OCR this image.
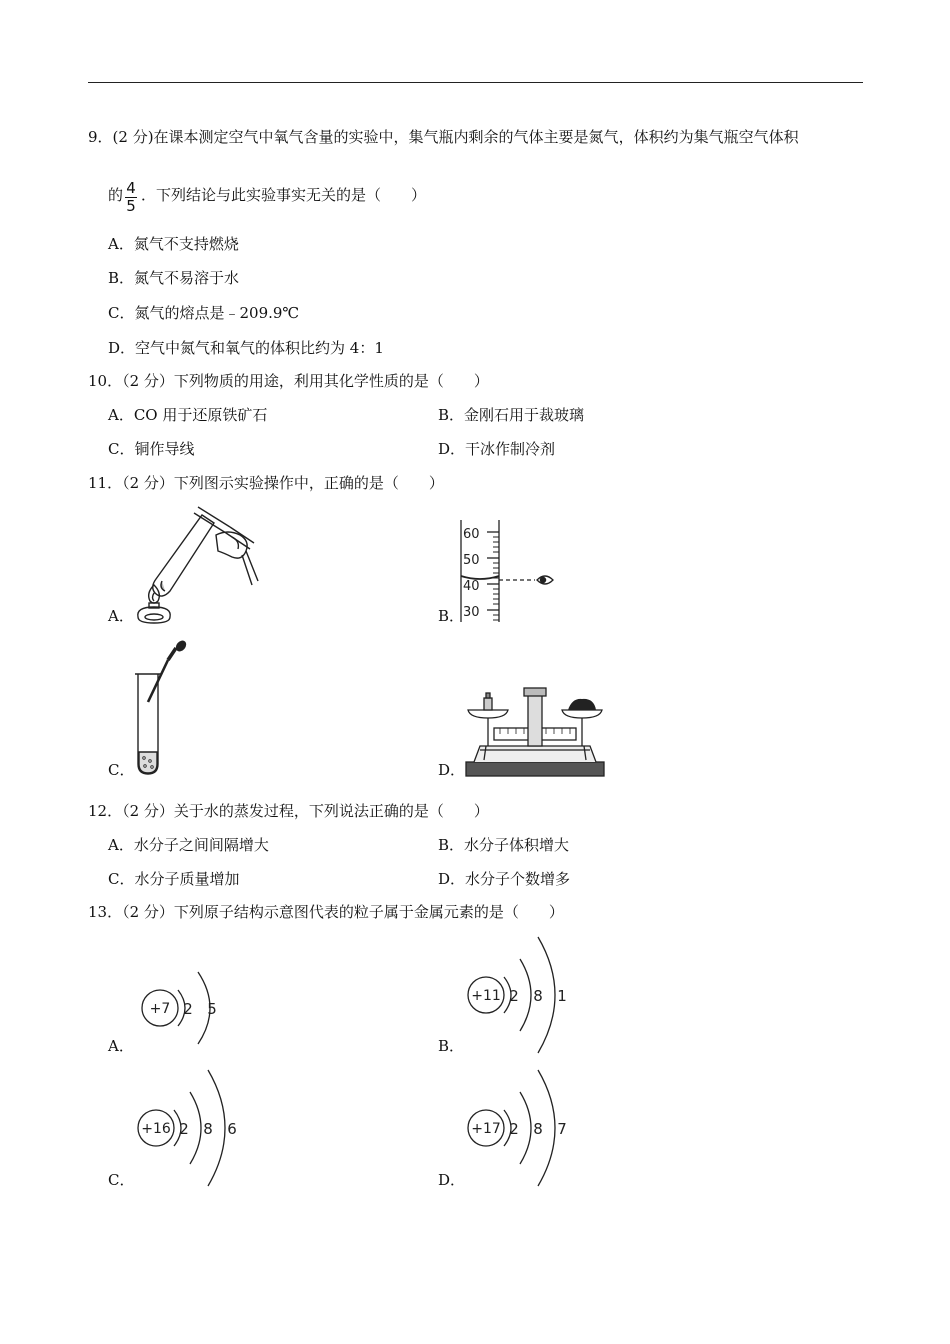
9．(2 分)在课本测定空气中氧气含量的实验中，集气瓶内剩余的气体主要是氮气，体积约为集气瓶空气体积
的 4
5
．下列结论与此实验事实无关的是（　　）
A．氮气不支持燃烧
B．氮气不易溶于水
C．氮气的熔点是﹣209.9℃
D．空气中氮气和氧气的体积比约为 4：1
10．（2 分）下列物质的用途，利用其化学性质的是（　　）
A．CO 用于还原铁矿石	B．金刚石用于裁玻璃
C．铜作导线	D．干冰作制冷剂
11．（2 分）下列图示实验操作中，正确的是（　　）
A．
60
50
40
30
B．
C．	D．
12．（2 分）关于水的蒸发过程，下列说法正确的是（　　）
A．水分子之间间隔增大	B．水分子体积增大
C．水分子质量增加	D．水分子个数增多
13．（2 分）下列原子结构示意图代表的粒子属于金属元素的是（　　）
+7 2 5
A．
+11 2 8 1
B．
+16 2 8 6
C．
+17 2 8 7
D．
